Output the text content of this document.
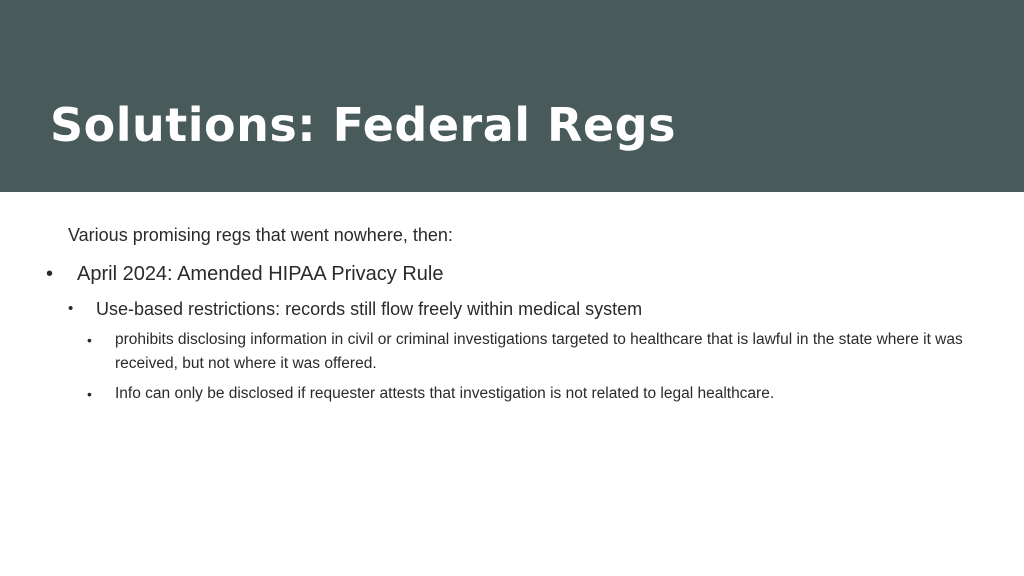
Solutions: Federal Regs

Various promising regs that went nowhere, then:

• April 2024: Amended HIPAA Privacy Rule
• Use-based restrictions: records still flow freely within medical system
• prohibits disclosing information in civil or criminal investigations targeted to healthcare that is lawful in the state where it was received, but not where it was offered.
• Info can only be disclosed if requester attests that investigation is not related to legal healthcare.
